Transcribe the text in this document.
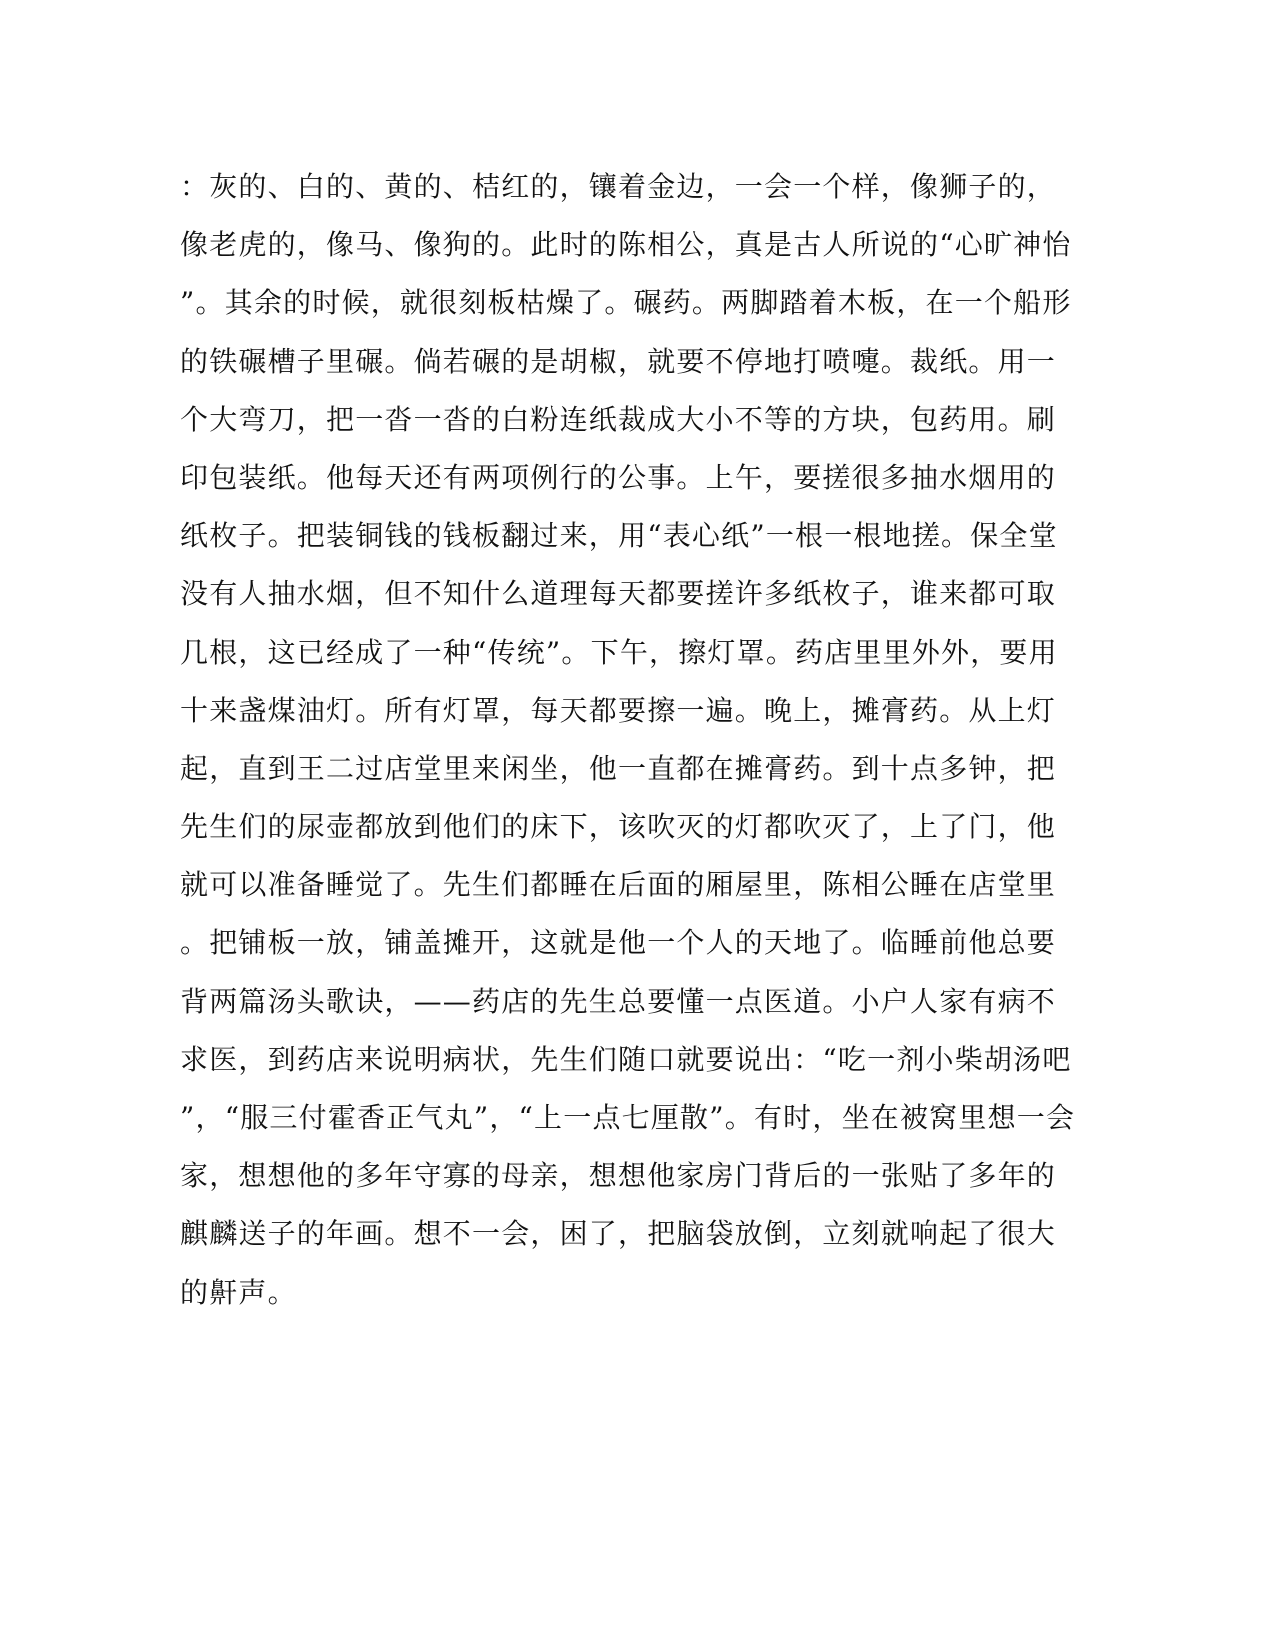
：灰的、白的、黄的、桔红的，镶着金边，一会一个样，像狮子的，
像老虎的，像马、像狗的。此时的陈相公，真是古人所说的“心旷神怡
”。其余的时候，就很刻板枯燥了。碾药。两脚踏着木板，在一个船形
的铁碾槽子里碾。倘若碾的是胡椒，就要不停地打喷嚏。裁纸。用一
个大弯刀，把一沓一沓的白粉连纸裁成大小不等的方块，包药用。刷
印包装纸。他每天还有两项例行的公事。上午，要搓很多抽水烟用的
纸枚子。把装铜钱的钱板翻过来，用“表心纸”一根一根地搓。保全堂
没有人抽水烟，但不知什么道理每天都要搓许多纸枚子，谁来都可取
几根，这已经成了一种“传统”。下午，擦灯罩。药店里里外外，要用
十来盏煤油灯。所有灯罩，每天都要擦一遍。晚上，摊膏药。从上灯
起，直到王二过店堂里来闲坐，他一直都在摊膏药。到十点多钟，把
先生们的尿壶都放到他们的床下，该吹灭的灯都吹灭了，上了门，他
就可以准备睡觉了。先生们都睡在后面的厢屋里，陈相公睡在店堂里
。把铺板一放，铺盖摊开，这就是他一个人的天地了。临睡前他总要
背两篇汤头歌诀，——药店的先生总要懂一点医道。小户人家有病不
求医，到药店来说明病状，先生们随口就要说出：“吃一剂小柴胡汤吧
”，“服三付霍香正气丸”，“上一点七厘散”。有时，坐在被窝里想一会
家，想想他的多年守寡的母亲，想想他家房门背后的一张贴了多年的
麒麟送子的年画。想不一会，困了，把脑袋放倒，立刻就响起了很大
的鼾声。
